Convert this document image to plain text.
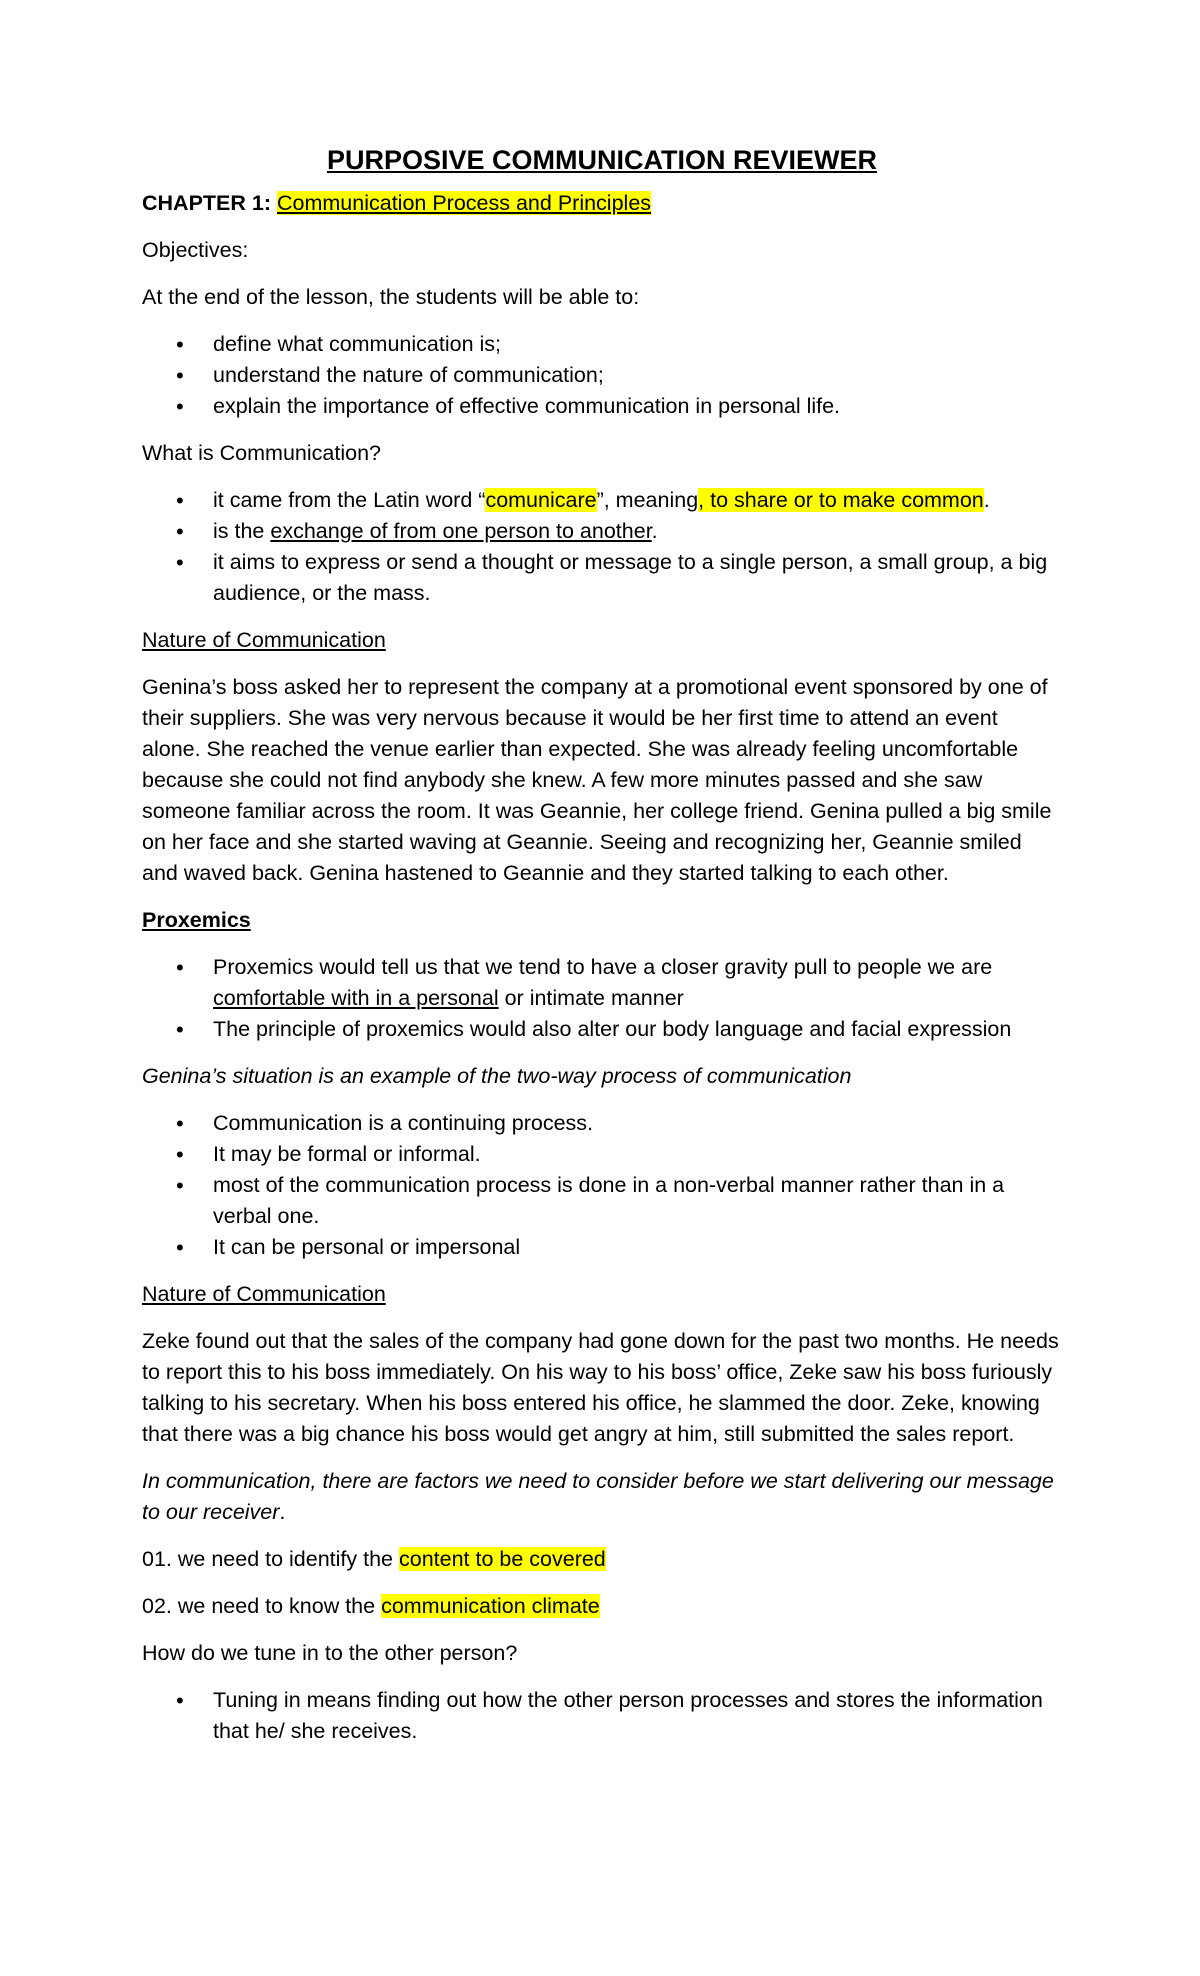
PURPOSIVE COMMUNICATION REVIEWER

CHAPTER 1: Communication Process and Principles

Objectives:

At the end of the lesson, the students will be able to:

• define what communication is;
• understand the nature of communication;
• explain the importance of effective communication in personal life.

What is Communication?

• it came from the Latin word “comunicare”, meaning, to share or to make common.
• is the exchange of from one person to another.
• it aims to express or send a thought or message to a single person, a small group, a big audience, or the mass.

Nature of Communication

Genina’s boss asked her to represent the company at a promotional event sponsored by one of their suppliers. She was very nervous because it would be her first time to attend an event alone. She reached the venue earlier than expected. She was already feeling uncomfortable because she could not find anybody she knew. A few more minutes passed and she saw someone familiar across the room. It was Geannie, her college friend. Genina pulled a big smile on her face and she started waving at Geannie. Seeing and recognizing her, Geannie smiled and waved back. Genina hastened to Geannie and they started talking to each other.

Proxemics

• Proxemics would tell us that we tend to have a closer gravity pull to people we are comfortable with in a personal or intimate manner
• The principle of proxemics would also alter our body language and facial expression

Genina’s situation is an example of the two-way process of communication

• Communication is a continuing process.
• It may be formal or informal.
• most of the communication process is done in a non-verbal manner rather than in a verbal one.
• It can be personal or impersonal

Nature of Communication

Zeke found out that the sales of the company had gone down for the past two months. He needs to report this to his boss immediately. On his way to his boss’ office, Zeke saw his boss furiously talking to his secretary. When his boss entered his office, he slammed the door. Zeke, knowing that there was a big chance his boss would get angry at him, still submitted the sales report.

In communication, there are factors we need to consider before we start delivering our message to our receiver.

01. we need to identify the content to be covered

02. we need to know the communication climate

How do we tune in to the other person?

• Tuning in means finding out how the other person processes and stores the information that he/ she receives.
